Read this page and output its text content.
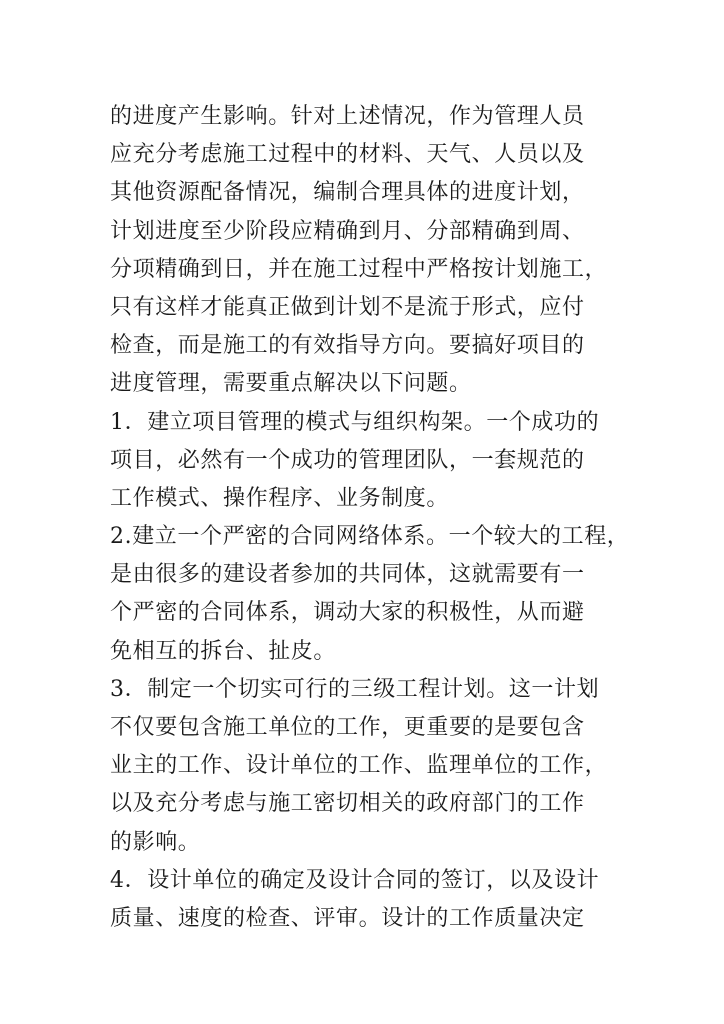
的进度产生影响。针对上述情况，作为管理人员
应充分考虑施工过程中的材料、天气、人员以及
其他资源配备情况，编制合理具体的进度计划，
计划进度至少阶段应精确到月、分部精确到周、
分项精确到日，并在施工过程中严格按计划施工，
只有这样才能真正做到计划不是流于形式，应付
检查，而是施工的有效指导方向。要搞好项目的
进度管理，需要重点解决以下问题。
1．建立项目管理的模式与组织构架。一个成功的
项目，必然有一个成功的管理团队，一套规范的
工作模式、操作程序、业务制度。
2.建立一个严密的合同网络体系。一个较大的工程，
是由很多的建设者参加的共同体，这就需要有一
个严密的合同体系，调动大家的积极性，从而避
免相互的拆台、扯皮。
3．制定一个切实可行的三级工程计划。这一计划
不仅要包含施工单位的工作，更重要的是要包含
业主的工作、设计单位的工作、监理单位的工作，
以及充分考虑与施工密切相关的政府部门的工作
的影响。
4．设计单位的确定及设计合同的签订，以及设计
质量、速度的检查、评审。设计的工作质量决定
